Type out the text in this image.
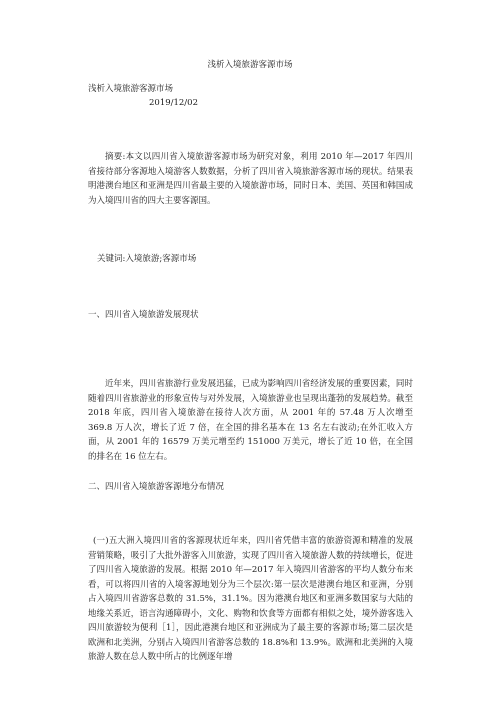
浅析入境旅游客源市场
浅析入境旅游客源市场
2019/12/02

摘要:本文以四川省入境旅游客源市场为研究对象，利用 2010 年—2017 年四川省接待部分客源地入境游客人数数据，分析了四川省入境旅游客源市场的现状。结果表明港澳台地区和亚洲是四川省最主要的入境旅游市场，同时日本、美国、英国和韩国成为入境四川省的四大主要客源国。

关键词:入境旅游;客源市场
一、四川省入境旅游发展现状

近年来，四川省旅游行业发展迅猛，已成为影响四川省经济发展的重要因素，同时随着四川省旅游业的形象宣传与对外发展，入境旅游业也呈现出蓬勃的发展趋势。截至 2018 年底，四川省入境旅游在接待人次方面，从 2001 年的 57.48 万人次增至 369.8 万人次，增长了近 7 倍，在全国的排名基本在 13 名左右波动;在外汇收入方面，从 2001 年的 16579 万美元增至约 151000 万美元，增长了近 10 倍，在全国的排名在 16 位左右。

二、四川省入境旅游客源地分布情况

(一)五大洲入境四川省的客源现状近年来，四川省凭借丰富的旅游资源和精准的发展营销策略，吸引了大批外游客入川旅游，实现了四川省入境旅游人数的持续增长，促进了四川省入境旅游的发展。根据 2010 年—2017 年入境四川省游客的平均人数分布来看，可以将四川省的入境客源地划分为三个层次:第一层次是港澳台地区和亚洲，分别占入境四川省游客总数的 31.5%，31.1%。因为港澳台地区和亚洲多数国家与大陆的地缘关系近，语言沟通障碍小，文化、购物和饮食等方面都有相似之处，境外游客选入四川旅游较为便利［1］，因此港澳台地区和亚洲成为了最主要的客源市场;第二层次是欧洲和北美洲，分别占入境四川省游客总数的 18.8%和 13.9%。欧洲和北美洲的入境旅游人数在总人数中所占的比例逐年增
